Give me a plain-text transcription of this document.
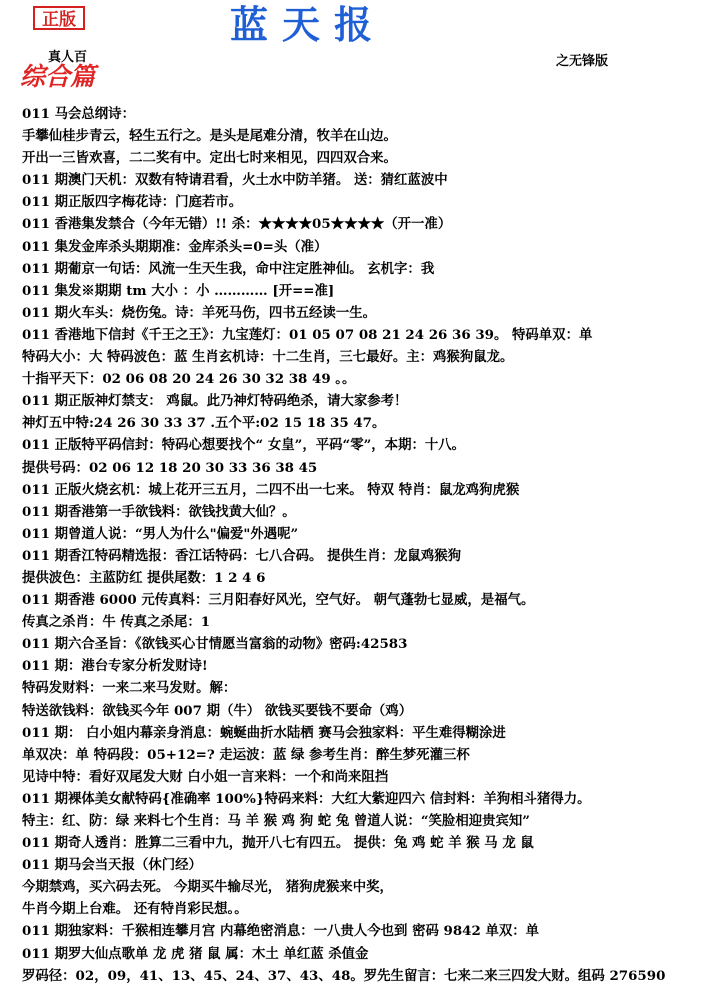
正版	蓝天报
真人百	之无锋版
综合篇
011 马会总纲诗：
手攀仙桂步青云，轻生五行之。是头是尾难分清，牧羊在山边。
开出一三皆欢喜，二二奖有中。定出七时来相见，四四双合来。
011 期澳门天机：双数有特请君看，火土水中防羊猪。 送：猜红蓝波中
011 期正版四字梅花诗：门庭若市。
011 香港集发禁合（今年无错）!! 杀：★★★★05★★★★（开一准）
011 集发金库杀头期期准：金库杀头=0=头（准）
011 期葡京一句话：风流一生天生我，命中注定胜神仙。 玄机字：我
011 集发※期期 tm 大小 ：小 ………… [开==准]
011 期火车头：烧伤兔。诗：羊死马伤，四书五经读一生。
011 香港地下信封《千王之王》：九宝莲灯：01 05 07 08 21 24 26 36 39。 特码单双：单
特码大小：大 特码波色：蓝 生肖玄机诗：十二生肖，三七最好。主：鸡猴狗鼠龙。
十指平天下：02 06 08 20 24 26 30 32 38 49 。。
011 期正版神灯禁支： 鸡鼠。此乃神灯特码绝杀，请大家参考！
神灯五中特:24 26 30 33 37 .五个平:02 15 18 35 47。
011 正版特平码信封：特码心想要找个“ 女皇”，平码“零”，本期：十八。
提供号码：02 06 12 18 20 30 33 36 38 45
011 正版火烧玄机：城上花开三五月，二四不出一七来。 特双 特肖：鼠龙鸡狗虎猴
011 期香港第一手欲钱料：欲钱找黄大仙？。
011 期曾道人说：“男人为什么"偏爱"外遇呢”
011 期香江特码精选报：香江话特码：七八合码。 提供生肖：龙鼠鸡猴狗
提供波色：主蓝防红 提供尾数：1 2 4 6
011 期香港 6000 元传真料：三月阳春好风光，空气好。 朝气蓬勃七显威，是福气。
传真之杀肖：牛 传真之杀尾：1
011 期六合圣旨：《欲钱买心甘情愿当富翁的动物》密码:42583
011 期：港台专家分析发财诗!
特码发财料：一来二来马发财。解：
特送欲钱料：欲钱买今年 007 期（牛） 欲钱买要钱不要命（鸡）
011 期： 白小姐内幕亲身消息：蜿蜒曲折水陆栖 赛马会独家料：平生难得糊涂进
单双决：单 特码段：05+12=? 走运波：蓝 绿 参考生肖：醉生梦死灌三杯
见诗中特：看好双尾发大财 白小姐一言来料：一个和尚来阻挡
011 期裸体美女献特码{准确率 100%}特码来料：大红大紫迎四六 信封料：羊狗相斗猪得力。
特主：红、防：绿 来料七个生肖：马 羊 猴 鸡 狗 蛇 兔 曾道人说：“笑脸相迎贵宾知”
011 期奇人透肖：胜算二三看中九，抛开八七有四五。 提供：兔 鸡 蛇 羊 猴 马 龙 鼠
011 期马会当天报（休门经）
今期禁鸡，买六码去死。 今期买牛输尽光， 猪狗虎猴来中奖，
牛肖今期上台难。 还有特肖彩民想。。
011 期独家料：千猴相连攀月宫 内幕绝密消息：一八贵人今也到 密码 9842 单双：单
011 期罗大仙点歌单 龙 虎 猪 鼠 属：木土 单红蓝 杀值金
罗码径：02，09，41、13、45、24、37、43、48。罗先生留言：七来二来三四发大财。组码 276590
